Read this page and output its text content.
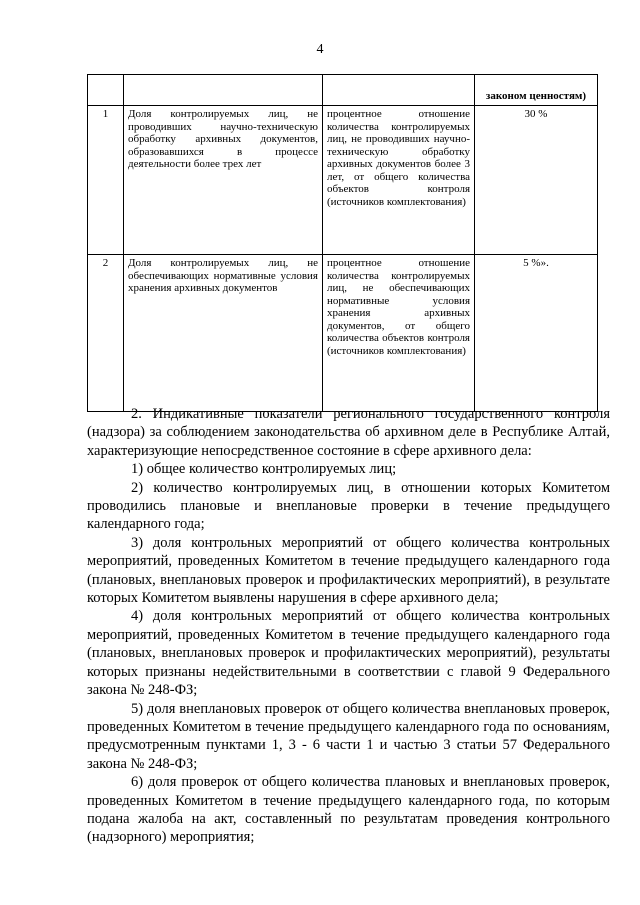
4
			законом ценностям)
1	Доля контролируемых лиц, не проводивших научно-техническую обработку архивных документов, образовавшихся в процессе деятельности более трех лет	процентное отношение количества контролируемых лиц, не проводивших научно-техническую обработку архивных документов более 3 лет, от общего количества объектов контроля (источников комплектования)	30 %
2	Доля контролируемых лиц, не обеспечивающих нормативные условия хранения архивных документов	процентное отношение количества контролируемых лиц, не обеспечивающих нормативные условия хранения архивных документов, от общего количества объектов контроля (источников комплектования)	5 %».

2. Индикативные показатели регионального государственного контроля (надзора) за соблюдением законодательства об архивном деле в Республике Алтай, характеризующие непосредственное состояние в сфере архивного дела:

1) общее количество контролируемых лиц;

2) количество контролируемых лиц, в отношении которых Комитетом проводились плановые и внеплановые проверки в течение предыдущего календарного года;

3) доля контрольных мероприятий от общего количества контрольных мероприятий, проведенных Комитетом в течение предыдущего календарного года (плановых, внеплановых проверок и профилактических мероприятий), в результате которых Комитетом выявлены нарушения в сфере архивного дела;

4) доля контрольных мероприятий от общего количества контрольных мероприятий, проведенных Комитетом в течение предыдущего календарного года (плановых, внеплановых проверок и профилактических мероприятий), результаты которых признаны недействительными в соответствии с главой 9 Федерального закона № 248-ФЗ;

5) доля внеплановых проверок от общего количества внеплановых проверок, проведенных Комитетом в течение предыдущего календарного года по основаниям, предусмотренным пунктами 1, 3 - 6 части 1 и частью 3 статьи 57 Федерального закона № 248-ФЗ;

6) доля проверок от общего количества плановых и внеплановых проверок, проведенных Комитетом в течение предыдущего календарного года, по которым подана жалоба на акт, составленный по результатам проведения контрольного (надзорного) мероприятия;
